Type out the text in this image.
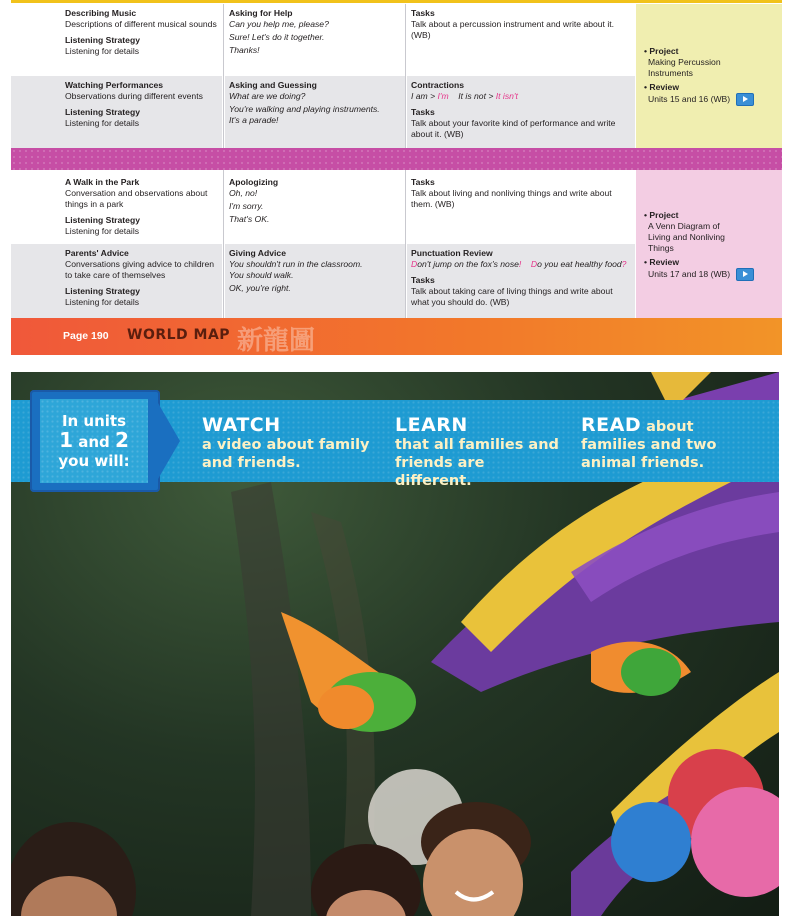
Describing Music
Descriptions of different musical sounds
Listening Strategy
Listening for details
Asking for Help
Can you help me, please?
Sure! Let's do it together.
Thanks!
Tasks
Talk about a percussion instrument and write about it. (WB)
Watching Performances
Observations during different events
Listening Strategy
Listening for details
Asking and Guessing
What are we doing?
You're walking and playing instruments.
It's a parade!
Contractions
I am > I'm It is not > It isn't
Tasks
Talk about your favorite kind of performance and write about it. (WB)
• Project
Making Percussion Instruments
• Review
Units 15 and 16 (WB)
A Walk in the Park
Conversation and observations about things in a park
Listening Strategy
Listening for details
Apologizing
Oh, no!
I'm sorry.
That's OK.
Tasks
Talk about living and nonliving things and write about them. (WB)
Parents' Advice
Conversations giving advice to children to take care of themselves
Listening Strategy
Listening for details
Giving Advice
You shouldn't run in the classroom.
You should walk.
OK, you're right.
Punctuation Review
Don't jump on the fox's nose! Do you eat healthy food?
Tasks
Talk about taking care of living things and write about what you should do. (WB)
• Project
A Venn Diagram of Living and Nonliving Things
• Review
Units 17 and 18 (WB)
Page 190 WORLD MAP 新龍圖
In units
1 and 2
you will:
WATCH
a video about family and friends.
LEARN
that all families and friends are different.
READ about
families and two animal friends.
